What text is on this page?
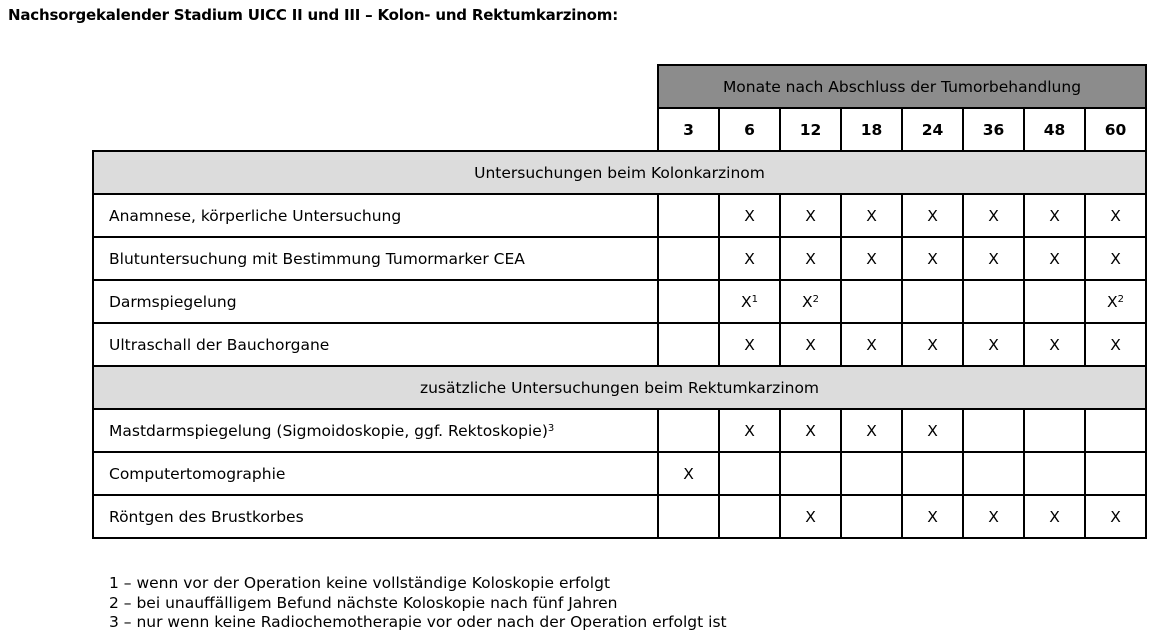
Nachsorgekalender Stadium UICC II und III – Kolon- und Rektumkarzinom:
	Monate nach Abschluss der Tumorbehandlung							
	3	6	12	18	24	36	48	60
Untersuchungen beim Kolonkarzinom								
Anamnese, körperliche Untersuchung		X	X	X	X	X	X	X
Blutuntersuchung mit Bestimmung Tumormarker CEA		X	X	X	X	X	X	X
Darmspiegelung		$X^1$	$X^2$					$X^2$
Ultraschall der Bauchorgane		X	X	X	X	X	X	X
zusätzliche Untersuchungen beim Rektumkarzinom								
Mastdarmspiegelung (Sigmoidoskopie, ggf. Rektoskopie)$^3$		X	X	X	X			
Computertomographie	X							
Röntgen des Brustkorbes			X		X	X	X	X
1 – wenn vor der Operation keine vollständige Koloskopie erfolgt
2 – bei unauffälligem Befund nächste Koloskopie nach fünf Jahren
3 – nur wenn keine Radiochemotherapie vor oder nach der Operation erfolgt ist
